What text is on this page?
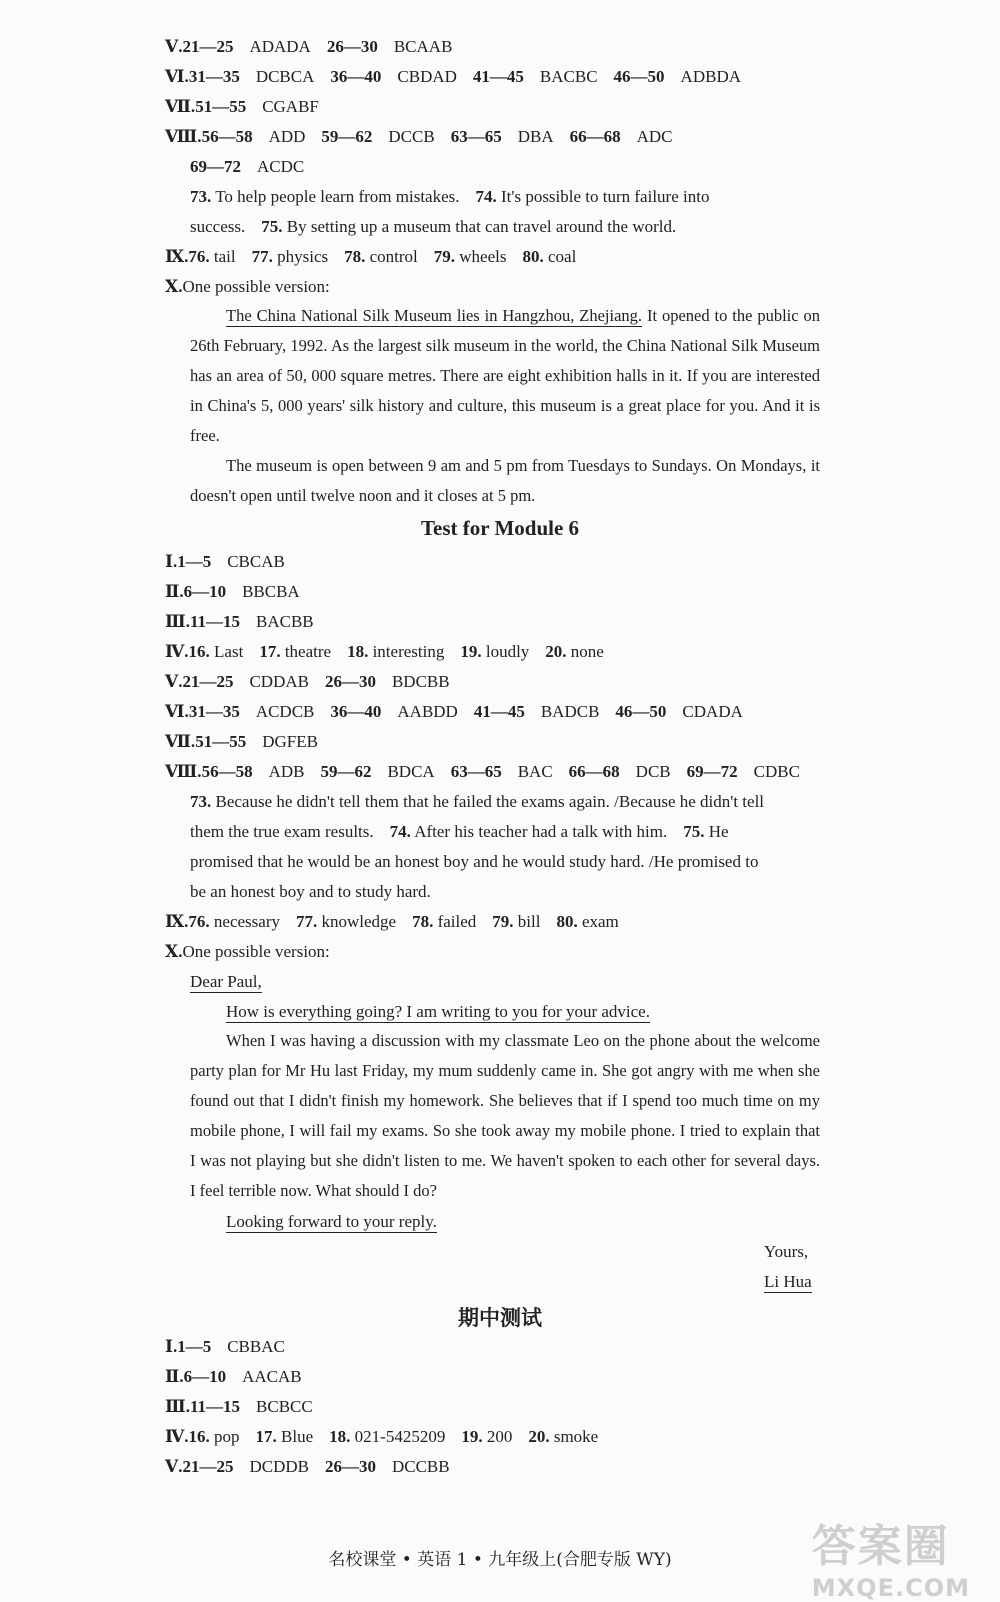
Ⅴ.21—25 ADADA 26—30 BCAAB
Ⅵ.31—35 DCBCA 36—40 CBDAD 41—45 BACBC 46—50 ADBDA
Ⅶ.51—55 CGABF
Ⅷ.56—58 ADD 59—62 DCCB 63—65 DBA 66—68 ADC
69—72 ACDC
73. To help people learn from mistakes. 74. It's possible to turn failure into
success. 75. By setting up a museum that can travel around the world.
Ⅸ.76. tail 77. physics 78. control 79. wheels 80. coal
Ⅹ.One possible version:
The China National Silk Museum lies in Hangzhou, Zhejiang. It opened to the public on 26th February, 1992. As the largest silk museum in the world, the China National Silk Museum has an area of 50, 000 square metres. There are eight exhibition halls in it. If you are interested in China's 5, 000 years' silk history and culture, this museum is a great place for you. And it is free.
The museum is open between 9 am and 5 pm from Tuesdays to Sundays. On Mondays, it doesn't open until twelve noon and it closes at 5 pm.
Test for Module 6
Ⅰ.1—5 CBCAB
Ⅱ.6—10 BBCBA
Ⅲ.11—15 BACBB
Ⅳ.16. Last 17. theatre 18. interesting 19. loudly 20. none
Ⅴ.21—25 CDDAB 26—30 BDCBB
Ⅵ.31—35 ACDCB 36—40 AABDD 41—45 BADCB 46—50 CDADA
Ⅶ.51—55 DGFEB
Ⅷ.56—58 ADB 59—62 BDCA 63—65 BAC 66—68 DCB 69—72 CDBC
73. Because he didn't tell them that he failed the exams again. /Because he didn't tell
them the true exam results. 74. After his teacher had a talk with him. 75. He
promised that he would be an honest boy and he would study hard. /He promised to
be an honest boy and to study hard.
Ⅸ.76. necessary 77. knowledge 78. failed 79. bill 80. exam
Ⅹ.One possible version:
Dear Paul,
How is everything going? I am writing to you for your advice.
When I was having a discussion with my classmate Leo on the phone about the welcome party plan for Mr Hu last Friday, my mum suddenly came in. She got angry with me when she found out that I didn't finish my homework. She believes that if I spend too much time on my mobile phone, I will fail my exams. So she took away my mobile phone. I tried to explain that I was not playing but she didn't listen to me. We haven't spoken to each other for several days. I feel terrible now. What should I do?
Looking forward to your reply.
Yours,
Li Hua
期中测试
Ⅰ.1—5 CBBAC
Ⅱ.6—10 AACAB
Ⅲ.11—15 BCBCC
Ⅳ.16. pop 17. Blue 18. 021-5425209 19. 200 20. smoke
Ⅴ.21—25 DCDDB 26—30 DCCBB
名校课堂 • 英语 1 • 九年级上(合肥专版 WY)	答案圈
MXQE.COM
